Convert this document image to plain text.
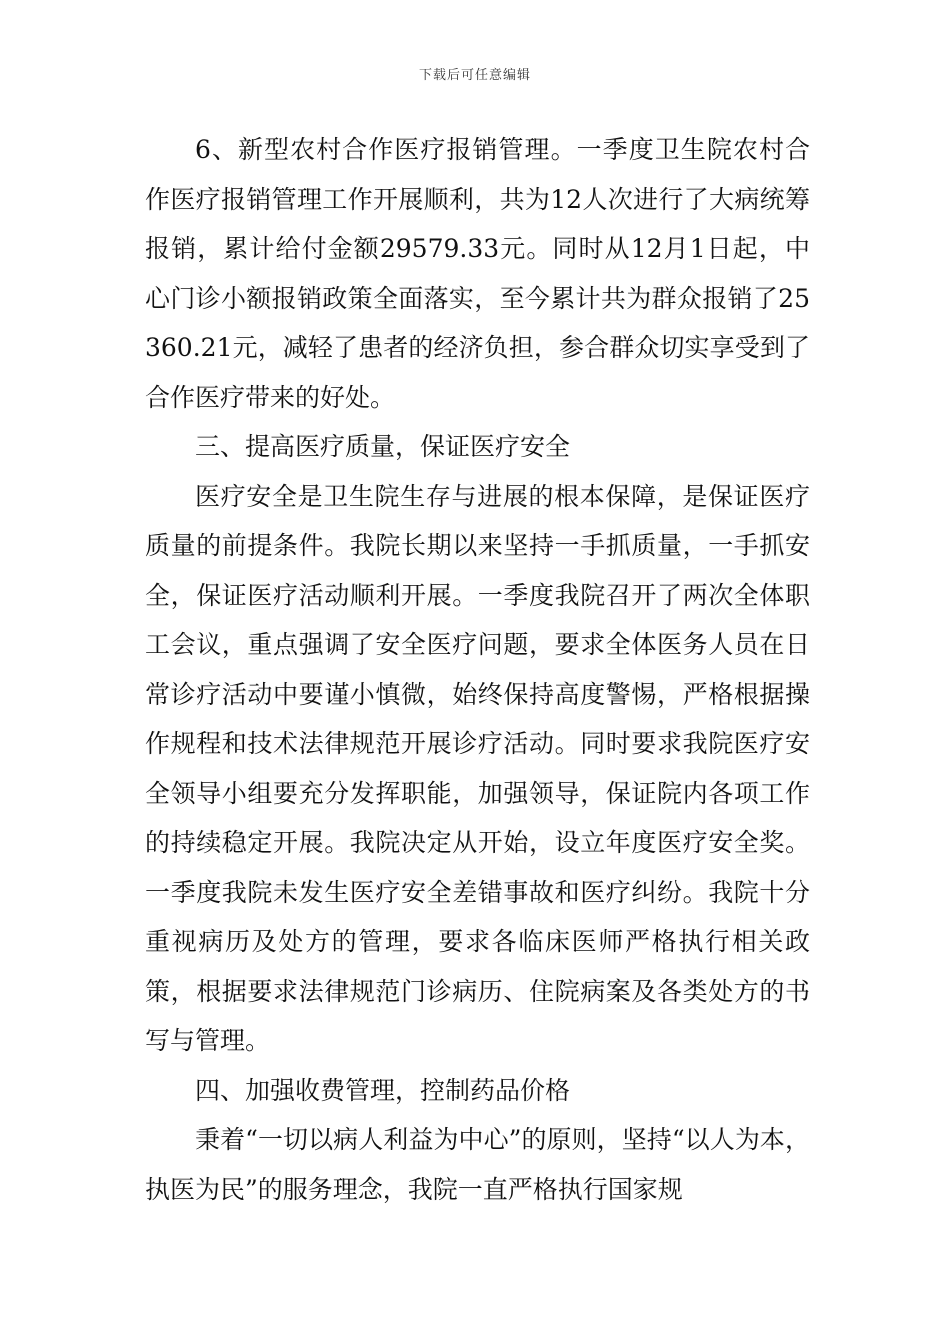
下载后可任意编辑

6、新型农村合作医疗报销管理。一季度卫生院农村合作医疗报销管理工作开展顺利，共为12人次进行了大病统筹报销，累计给付金额29579.33元。同时从12月1日起，中心门诊小额报销政策全面落实，至今累计共为群众报销了25360.21元，减轻了患者的经济负担，参合群众切实享受到了合作医疗带来的好处。

三、提高医疗质量，保证医疗安全

医疗安全是卫生院生存与进展的根本保障，是保证医疗质量的前提条件。我院长期以来坚持一手抓质量，一手抓安全，保证医疗活动顺利开展。一季度我院召开了两次全体职工会议，重点强调了安全医疗问题，要求全体医务人员在日常诊疗活动中要谨小慎微，始终保持高度警惕，严格根据操作规程和技术法律规范开展诊疗活动。同时要求我院医疗安全领导小组要充分发挥职能，加强领导，保证院内各项工作的持续稳定开展。我院决定从开始，设立年度医疗安全奖。一季度我院未发生医疗安全差错事故和医疗纠纷。我院十分重视病历及处方的管理，要求各临床医师严格执行相关政策，根据要求法律规范门诊病历、住院病案及各类处方的书写与管理。

四、加强收费管理，控制药品价格

秉着“一切以病人利益为中心”的原则，坚持“以人为本，执医为民”的服务理念，我院一直严格执行国家规
